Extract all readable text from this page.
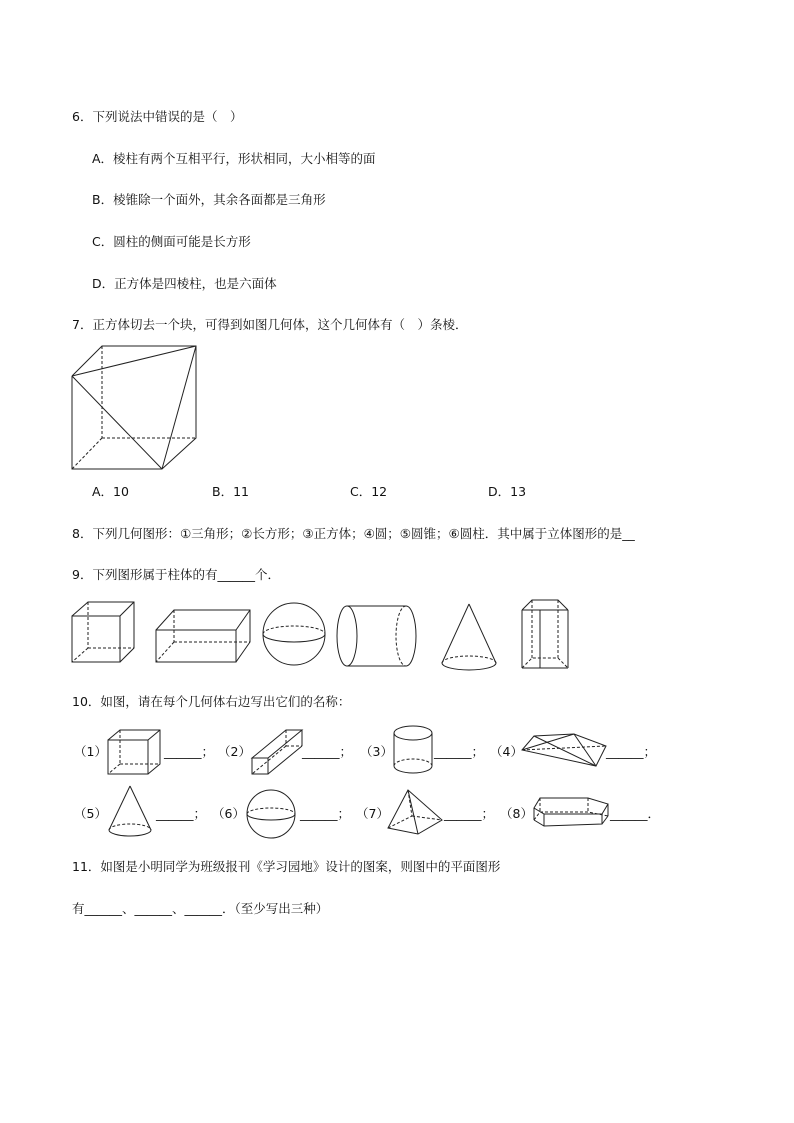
6．下列说法中错误的是（　）
A．棱柱有两个互相平行，形状相同，大小相等的面
B．棱锥除一个面外，其余各面都是三角形
C．圆柱的侧面可能是长方形
D．正方体是四棱柱，也是六面体
7．正方体切去一个块，可得到如图几何体，这个几何体有（　）条棱．
A．10	B．11	C．12	D．13
8．下列几何图形：①三角形；②长方形；③正方体；④圆；⑤圆锥；⑥圆柱．其中属于立体图形的是__
9．下列图形属于柱体的有______个．
10．如图，请在每个几何体右边写出它们的名称：
（1）	______； （2）	______； （3）	______； （4）	______；
（5）	______； （6）	______； （7）	______； （8）	______．
11．如图是小明同学为班级报刊《学习园地》设计的图案，则图中的平面图形
有______、______、______．（至少写出三种）
